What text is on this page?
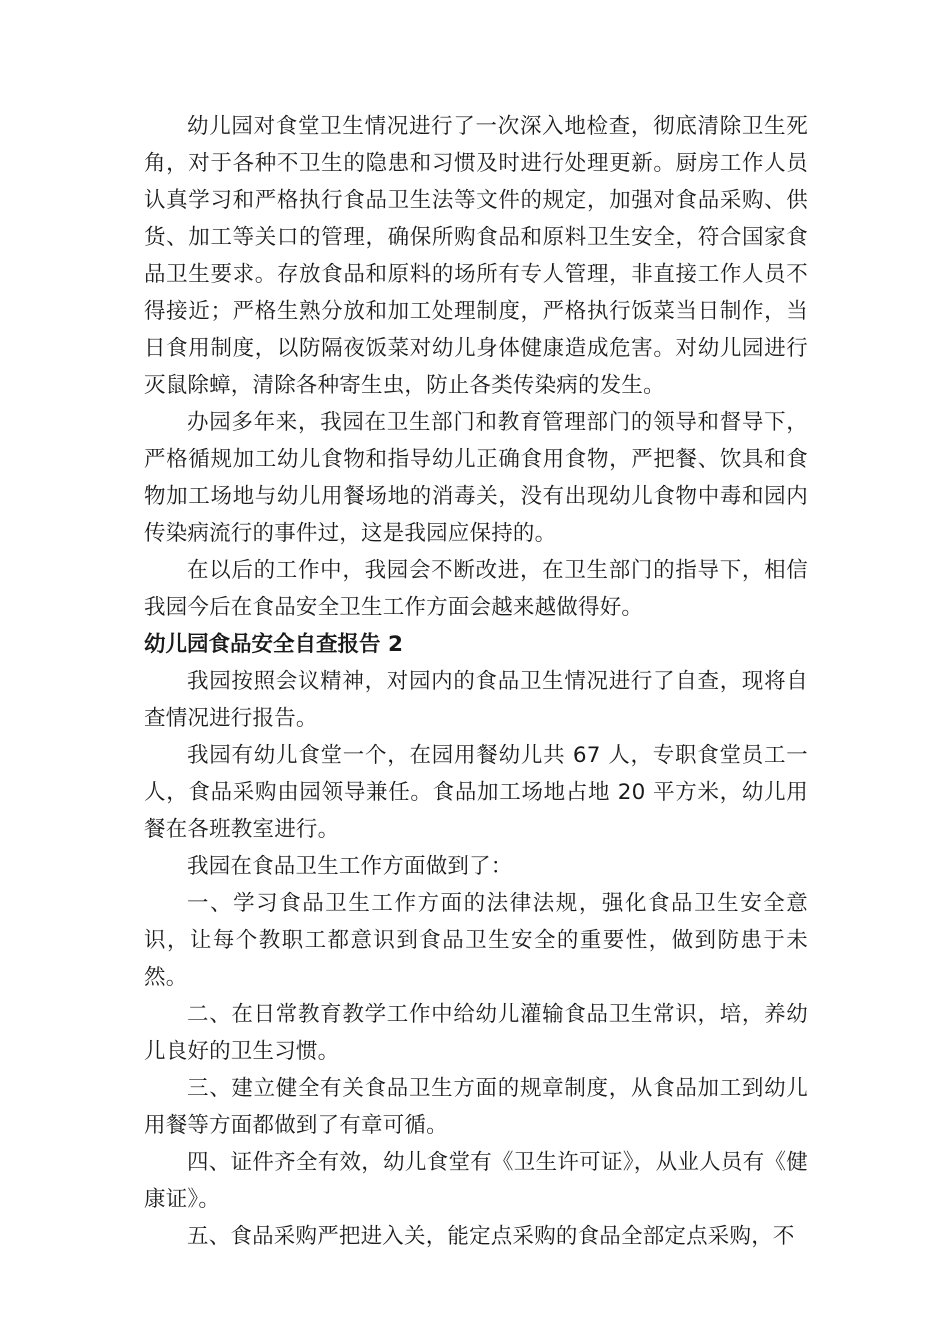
幼儿园对食堂卫生情况进行了一次深入地检查，彻底清除卫生死角，对于各种不卫生的隐患和习惯及时进行处理更新。厨房工作人员认真学习和严格执行食品卫生法等文件的规定，加强对食品采购、供货、加工等关口的管理，确保所购食品和原料卫生安全，符合国家食品卫生要求。存放食品和原料的场所有专人管理，非直接工作人员不得接近；严格生熟分放和加工处理制度，严格执行饭菜当日制作，当日食用制度，以防隔夜饭菜对幼儿身体健康造成危害。对幼儿园进行灭鼠除蟑，清除各种寄生虫，防止各类传染病的发生。

办园多年来，我园在卫生部门和教育管理部门的领导和督导下，严格循规加工幼儿食物和指导幼儿正确食用食物，严把餐、饮具和食物加工场地与幼儿用餐场地的消毒关，没有出现幼儿食物中毒和园内传染病流行的事件过，这是我园应保持的。

在以后的工作中，我园会不断改进，在卫生部门的指导下，相信我园今后在食品安全卫生工作方面会越来越做得好。

幼儿园食品安全自查报告 2

我园按照会议精神，对园内的食品卫生情况进行了自查，现将自查情况进行报告。

我园有幼儿食堂一个，在园用餐幼儿共 67 人，专职食堂员工一人，食品采购由园领导兼任。食品加工场地占地 20 平方米，幼儿用餐在各班教室进行。

我园在食品卫生工作方面做到了：

一、学习食品卫生工作方面的法律法规，强化食品卫生安全意识，让每个教职工都意识到食品卫生安全的重要性，做到防患于未然。

二、在日常教育教学工作中给幼儿灌输食品卫生常识，培，养幼儿良好的卫生习惯。

三、建立健全有关食品卫生方面的规章制度，从食品加工到幼儿用餐等方面都做到了有章可循。

四、证件齐全有效，幼儿食堂有《卫生许可证》，从业人员有《健康证》。

五、食品采购严把进入关，能定点采购的食品全部定点采购，不
